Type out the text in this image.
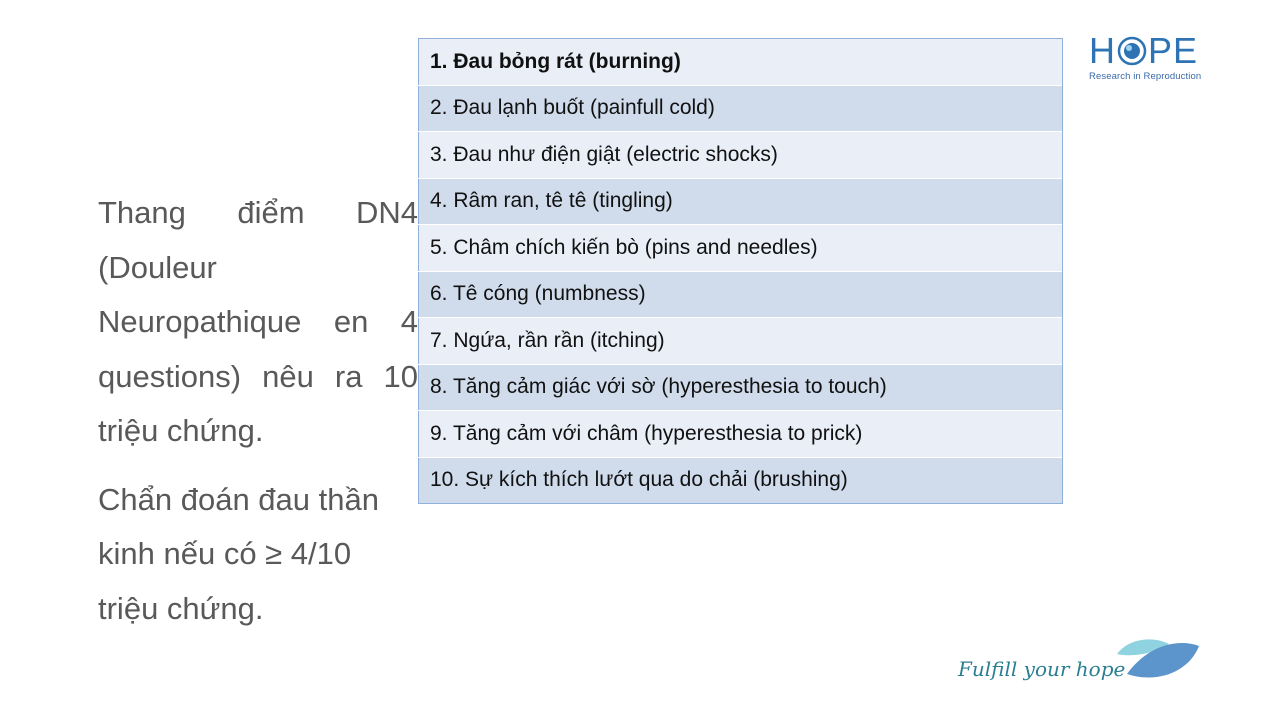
Thang điểm DN4 (Douleur Neuropathique en 4 questions) nêu ra 10 triệu chứng.

Chẩn đoán đau thần kinh nếu có ≥ 4/10 triệu chứng.

1. Đau bỏng rát (burning)
2. Đau lạnh buốt (painfull cold)
3. Đau như điện giật (electric shocks)
4. Râm ran, tê tê (tingling)
5. Châm chích kiến bò (pins and needles)
6. Tê cóng (numbness)
7. Ngứa, rần rần (itching)
8. Tăng cảm giác với sờ (hyperesthesia to touch)
9. Tăng cảm với châm (hyperesthesia to prick)
10. Sự kích thích lướt qua do chải (brushing)
H PE
Research in Reproduction
Fulfill your hope
